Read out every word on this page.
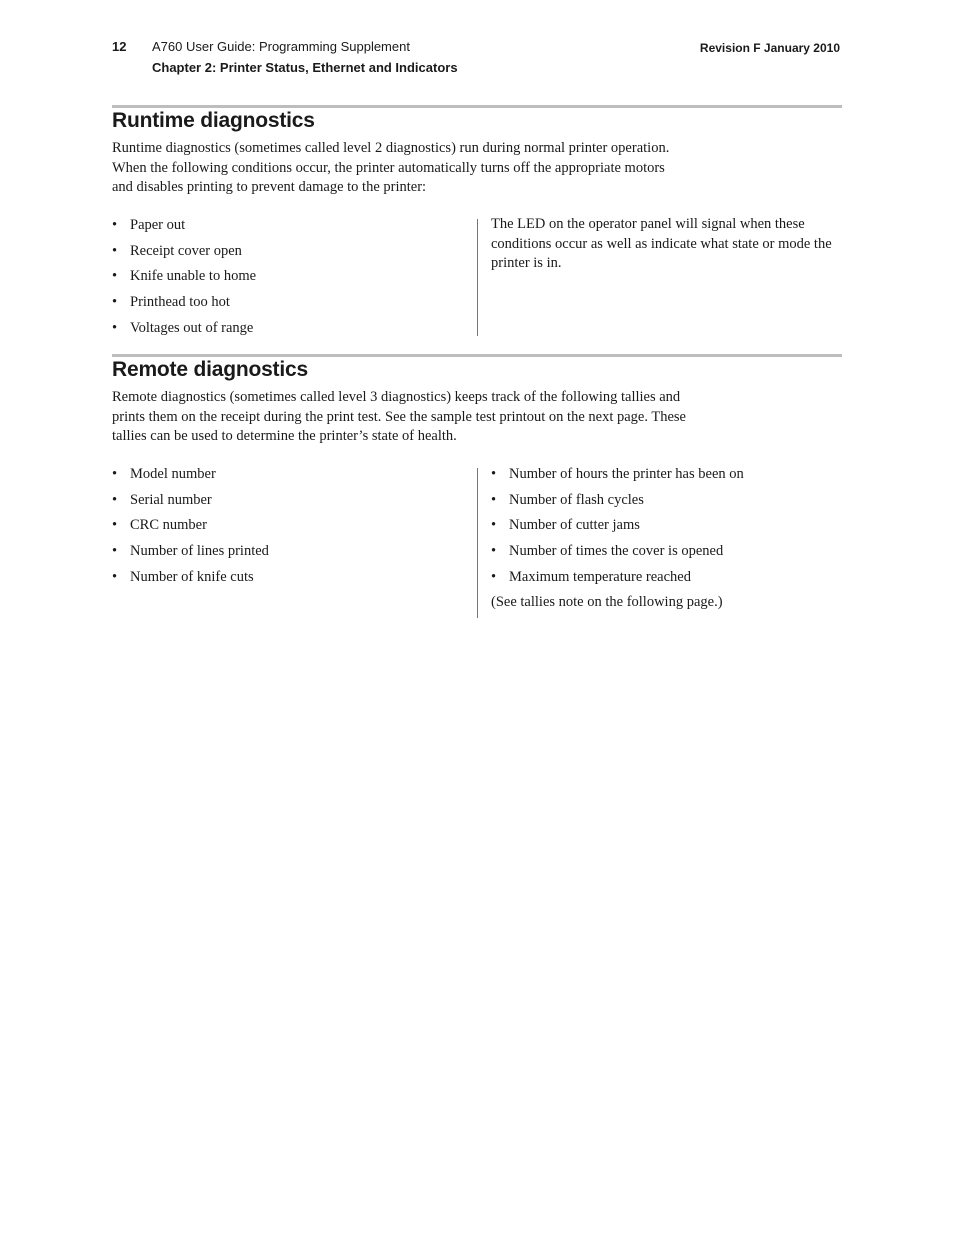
12 A760 User Guide: Programming Supplement
Chapter 2: Printer Status, Ethernet and Indicators
Revision F January 2010
Runtime diagnostics
Runtime diagnostics (sometimes called level 2 diagnostics) run during normal printer operation.
When the following conditions occur, the printer automatically turns off the appropriate motors
and disables printing to prevent damage to the printer:
• Paper out
• Receipt cover open
• Knife unable to home
• Printhead too hot
• Voltages out of range
The LED on the operator panel will signal when these
conditions occur as well as indicate what state or mode the
printer is in.
Remote diagnostics
Remote diagnostics (sometimes called level 3 diagnostics) keeps track of the following tallies and
prints them on the receipt during the print test. See the sample test printout on the next page. These
tallies can be used to determine the printer’s state of health.
• Model number
• Serial number
• CRC number
• Number of lines printed
• Number of knife cuts
• Number of hours the printer has been on
• Number of flash cycles
• Number of cutter jams
• Number of times the cover is opened
• Maximum temperature reached
(See tallies note on the following page.)
